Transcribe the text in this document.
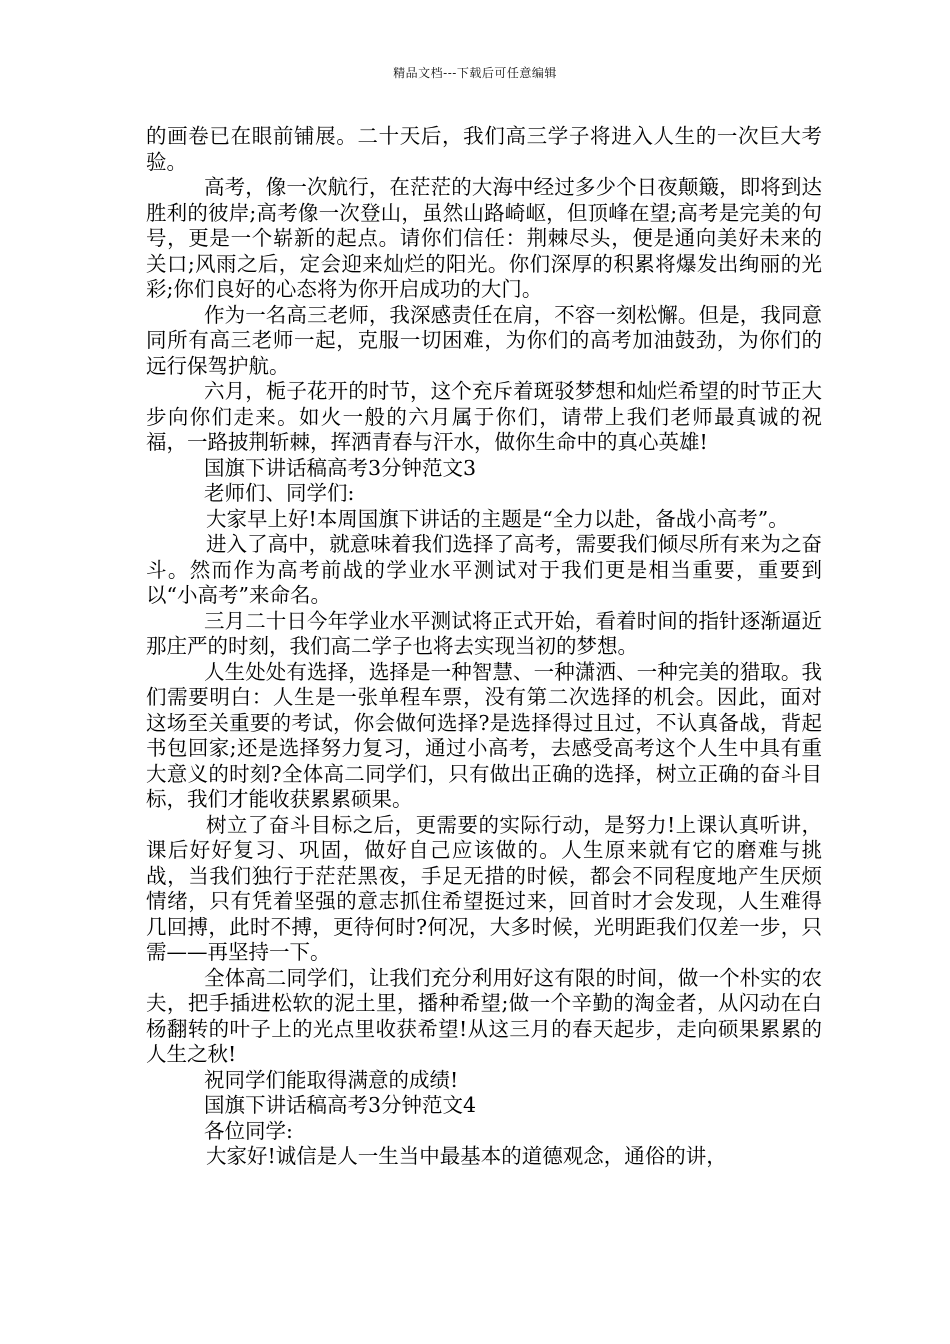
精品文档---下载后可任意编辑

的画卷已在眼前铺展。二十天后，我们高三学子将进入人生的一次巨大考验。

高考，像一次航行，在茫茫的大海中经过多少个日夜颠簸，即将到达胜利的彼岸;高考像一次登山，虽然山路崎岖，但顶峰在望;高考是完美的句号，更是一个崭新的起点。请你们信任：荆棘尽头，便是通向美好未来的关口;风雨之后，定会迎来灿烂的阳光。你们深厚的积累将爆发出绚丽的光彩;你们良好的心态将为你开启成功的大门。

作为一名高三老师，我深感责任在肩，不容一刻松懈。但是，我同意同所有高三老师一起，克服一切困难，为你们的高考加油鼓劲，为你们的远行保驾护航。

六月，栀子花开的时节，这个充斥着斑驳梦想和灿烂希望的时节正大步向你们走来。如火一般的六月属于你们，请带上我们老师最真诚的祝福，一路披荆斩棘，挥洒青春与汗水，做你生命中的真心英雄!

国旗下讲话稿高考3分钟范文3

老师们、同学们:

大家早上好!本周国旗下讲话的主题是“全力以赴，备战小高考”。

进入了高中，就意味着我们选择了高考，需要我们倾尽所有来为之奋斗。然而作为高考前战的学业水平测试对于我们更是相当重要，重要到以“小高考”来命名。

三月二十日今年学业水平测试将正式开始，看着时间的指针逐渐逼近那庄严的时刻，我们高二学子也将去实现当初的梦想。

人生处处有选择，选择是一种智慧、一种潇洒、一种完美的猎取。我们需要明白：人生是一张单程车票，没有第二次选择的机会。因此，面对这场至关重要的考试，你会做何选择?是选择得过且过，不认真备战，背起书包回家;还是选择努力复习，通过小高考，去感受高考这个人生中具有重大意义的时刻?全体高二同学们，只有做出正确的选择，树立正确的奋斗目标，我们才能收获累累硕果。

树立了奋斗目标之后，更需要的实际行动，是努力!上课认真听讲，课后好好复习、巩固，做好自己应该做的。人生原来就有它的磨难与挑战，当我们独行于茫茫黑夜，手足无措的时候，都会不同程度地产生厌烦情绪，只有凭着坚强的意志抓住希望挺过来，回首时才会发现，人生难得几回搏，此时不搏，更待何时?何况，大多时候，光明距我们仅差一步，只需——再坚持一下。

全体高二同学们，让我们充分利用好这有限的时间，做一个朴实的农夫，把手插进松软的泥土里，播种希望;做一个辛勤的淘金者，从闪动在白杨翻转的叶子上的光点里收获希望!从这三月的春天起步，走向硕果累累的人生之秋!

祝同学们能取得满意的成绩!

国旗下讲话稿高考3分钟范文4

各位同学:

大家好!诚信是人一生当中最基本的道德观念，通俗的讲，
